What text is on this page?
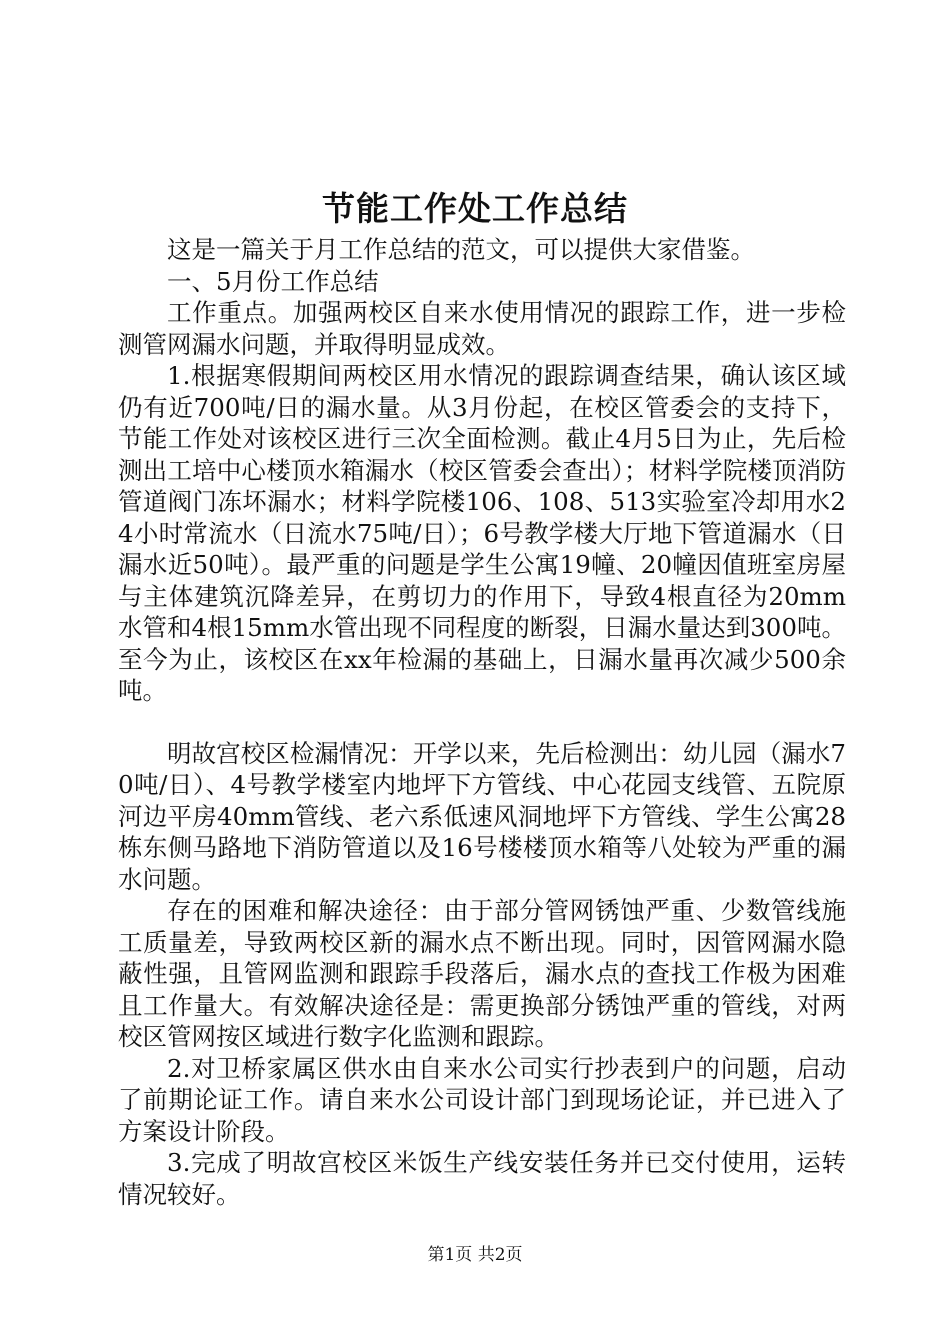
节能工作处工作总结

这是一篇关于月工作总结的范文，可以提供大家借鉴。

一、5月份工作总结

工作重点。加强两校区自来水使用情况的跟踪工作，进一步检测管网漏水问题，并取得明显成效。

1.根据寒假期间两校区用水情况的跟踪调查结果，确认该区域仍有近700吨/日的漏水量。从3月份起，在校区管委会的支持下，节能工作处对该校区进行三次全面检测。截止4月5日为止，先后检测出工培中心楼顶水箱漏水（校区管委会查出）；材料学院楼顶消防管道阀门冻坏漏水；材料学院楼106、108、513实验室冷却用水24小时常流水（日流水75吨/日）；6号教学楼大厅地下管道漏水（日漏水近50吨）。最严重的问题是学生公寓19幢、20幢因值班室房屋与主体建筑沉降差异，在剪切力的作用下，导致4根直径为20mm水管和4根15mm水管出现不同程度的断裂，日漏水量达到300吨。至今为止，该校区在xx年检漏的基础上，日漏水量再次减少500余吨。

明故宫校区检漏情况：开学以来，先后检测出：幼儿园（漏水70吨/日）、4号教学楼室内地坪下方管线、中心花园支线管、五院原河边平房40mm管线、老六系低速风洞地坪下方管线、学生公寓28栋东侧马路地下消防管道以及16号楼楼顶水箱等八处较为严重的漏水问题。

存在的困难和解决途径：由于部分管网锈蚀严重、少数管线施工质量差，导致两校区新的漏水点不断出现。同时，因管网漏水隐蔽性强，且管网监测和跟踪手段落后，漏水点的查找工作极为困难且工作量大。有效解决途径是：需更换部分锈蚀严重的管线，对两校区管网按区域进行数字化监测和跟踪。

2.对卫桥家属区供水由自来水公司实行抄表到户的问题，启动了前期论证工作。请自来水公司设计部门到现场论证，并已进入了方案设计阶段。

3.完成了明故宫校区米饭生产线安装任务并已交付使用，运转情况较好。

第1页 共2页
